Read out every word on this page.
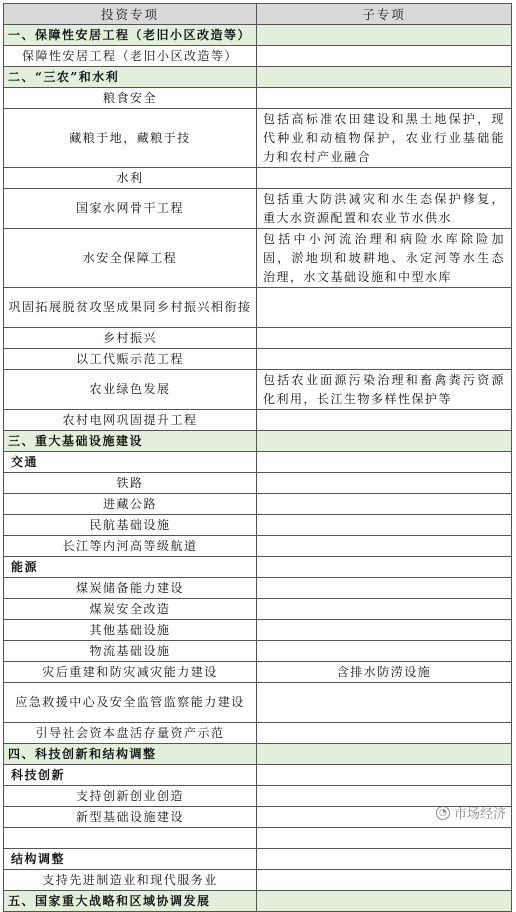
投资专项	子专项
一、保障性安居工程（老旧小区改造等）
保障性安居工程（老旧小区改造等）
二、“三农”和水利
粮食安全
藏粮于地，藏粮于技
包括高标准农田建设和黑土地保护，现代种业和动植物保护，农业行业基础能力和农村产业融合
水利
国家水网骨干工程
包括重大防洪减灾和水生态保护修复，重大水资源配置和农业节水供水
水安全保障工程
包括中小河流治理和病险水库除险加固，淤地坝和坡耕地、永定河等水生态治理，水文基础设施和中型水库
巩固拓展脱贫攻坚成果同乡村振兴相衔接
乡村振兴
以工代赈示范工程
农业绿色发展
包括农业面源污染治理和畜禽粪污资源化利用，长江生物多样性保护等
农村电网巩固提升工程
三、重大基础设施建设
交通
铁路
进藏公路
民航基础设施
长江等内河高等级航道
能源
煤炭储备能力建设
煤炭安全改造
其他基础设施
物流基础设施
灾后重建和防灾减灾能力建设	含排水防涝设施
应急救援中心及安全监管监察能力建设
引导社会资本盘活存量资产示范
四、科技创新和结构调整
科技创新
支持创新创业创造
新型基础设施建设
结构调整
支持先进制造业和现代服务业
五、国家重大战略和区域协调发展
◔ 市场经济
